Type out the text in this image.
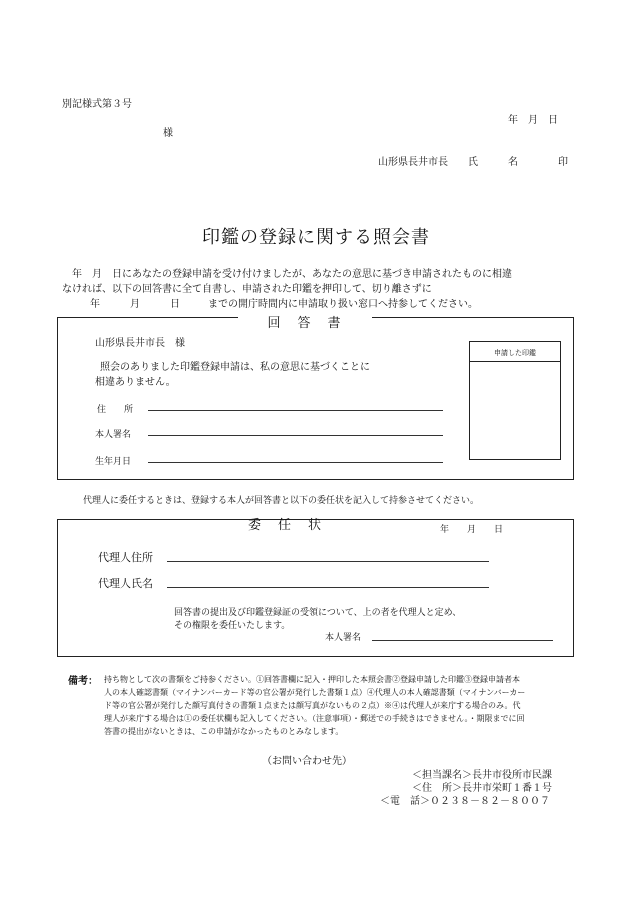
別記様式第３号
年　月　日
様
山形県長井市長　　氏　　　名　　　　印
印鑑の登録に関する照会書
年　月　日にあなたの登録申請を受け付けましたが、あなたの意思に基づき申請されたものに相違
なければ、以下の回答書に全て自書し、申請された印鑑を押印して、切り離さずに
年　　　月　　　日	までの開庁時間内に申請取り扱い窓口へ持参してください。
回　答　書
山形県長井市長　様
照会のありました印鑑登録申請は、私の意思に基づくことに
相違ありません。
住　　所
本人署名
生年月日
申請した印鑑
代理人に委任するときは、登録する本人が回答書と以下の委任状を記入して持参させてください。
委　任　状	年　　月　　日
代理人住所
代理人氏名
回答書の提出及び印鑑登録証の受領について、上の者を代理人と定め、
その権限を委任いたします。
本人署名
備考： 持ち物として次の書類をご持参ください。①回答書欄に記入・押印した本照会書②登録申請した印鑑③登録申請者本
人の本人確認書類（マイナンバーカード等の官公署が発行した書類１点）④代理人の本人確認書類（マイナンバーカー
ド等の官公署が発行した顔写真付きの書類１点または顔写真がないもの２点）※④は代理人が来庁する場合のみ。代
理人が来庁する場合は①の委任状欄も記入してください。（注意事項）・郵送での手続きはできません。・期限までに回
答書の提出がないときは、この申請がなかったものとみなします。
（お問い合わせ先）
＜担当課名＞長井市役所市民課
＜住　所＞長井市栄町１番１号
＜電　話＞０２３８－８２－８００７
